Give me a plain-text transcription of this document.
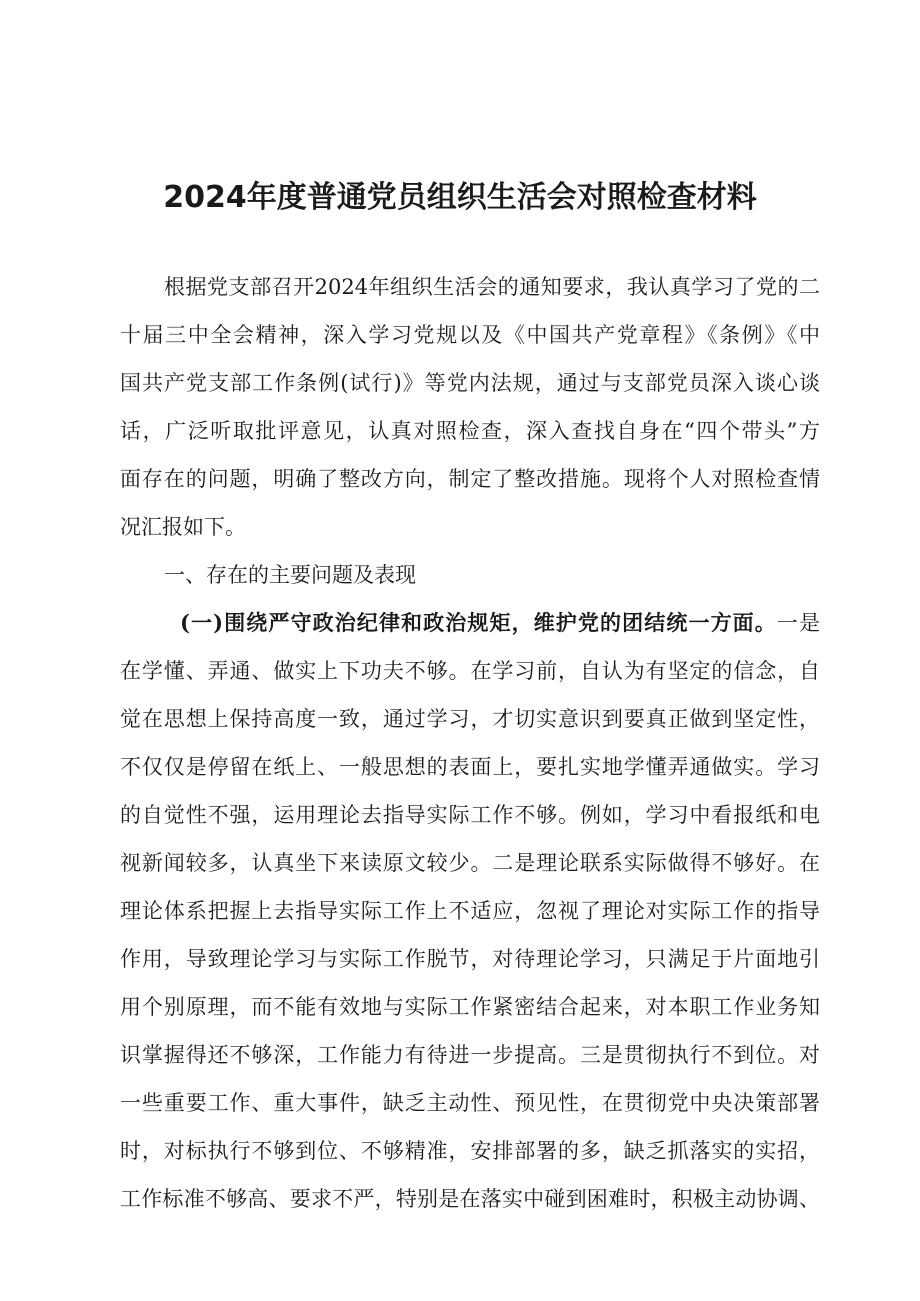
2024年度普通党员组织生活会对照检查材料
根据党支部召开2024年组织生活会的通知要求，我认真学习了党的二
十届三中全会精神，深入学习党规以及《中国共产党章程》《条例》《中
国共产党支部工作条例(试行)》等党内法规，通过与支部党员深入谈心谈
话，广泛听取批评意见，认真对照检查，深入查找自身在“四个带头”方
面存在的问题，明确了整改方向，制定了整改措施。现将个人对照检查情
况汇报如下。
一、存在的主要问题及表现
(一)围绕严守政治纪律和政治规矩，维护党的团结统一方面。一是
在学懂、弄通、做实上下功夫不够。在学习前，自认为有坚定的信念，自
觉在思想上保持高度一致，通过学习，才切实意识到要真正做到坚定性，
不仅仅是停留在纸上、一般思想的表面上，要扎实地学懂弄通做实。学习
的自觉性不强，运用理论去指导实际工作不够。例如，学习中看报纸和电
视新闻较多，认真坐下来读原文较少。二是理论联系实际做得不够好。在
理论体系把握上去指导实际工作上不适应，忽视了理论对实际工作的指导
作用，导致理论学习与实际工作脱节，对待理论学习，只满足于片面地引
用个别原理，而不能有效地与实际工作紧密结合起来，对本职工作业务知
识掌握得还不够深，工作能力有待进一步提高。三是贯彻执行不到位。对
一些重要工作、重大事件，缺乏主动性、预见性，在贯彻党中央决策部署
时，对标执行不够到位、不够精准，安排部署的多，缺乏抓落实的实招，
工作标准不够高、要求不严，特别是在落实中碰到困难时，积极主动协调、
